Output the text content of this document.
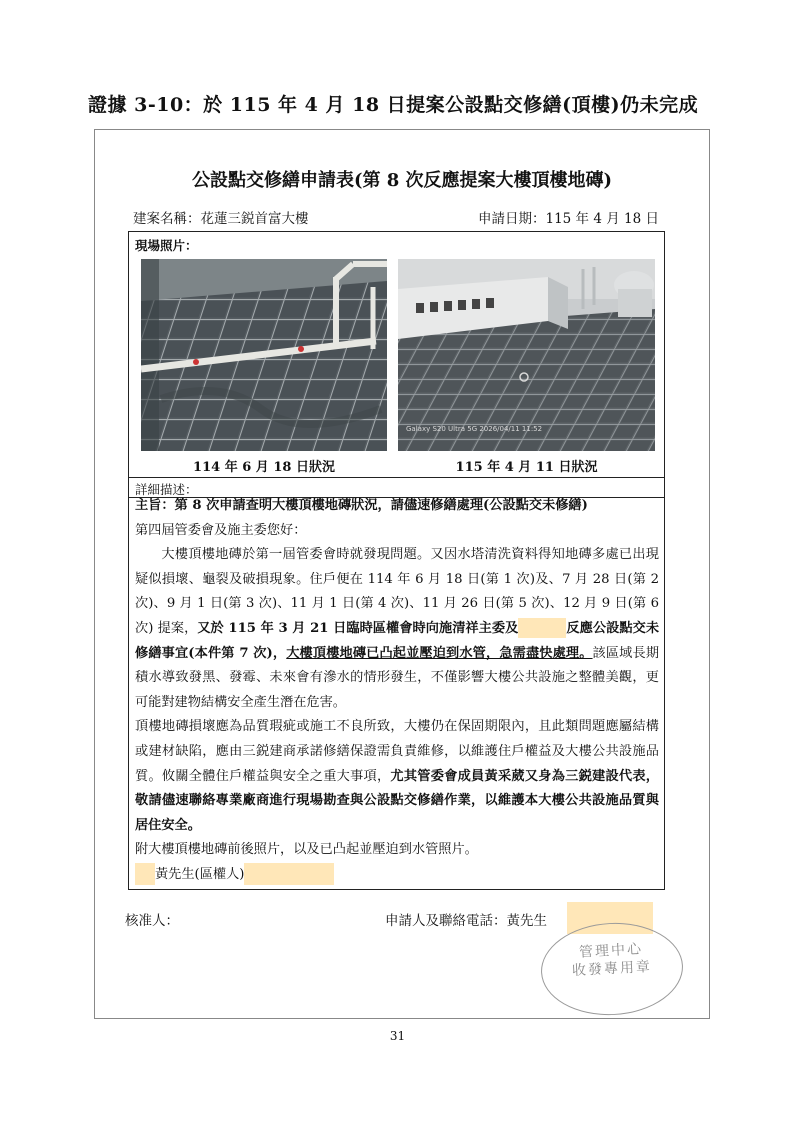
證據 3-10：於 115 年 4 月 18 日提案公設點交修繕(頂樓)仍未完成
公設點交修繕申請表(第 8 次反應提案大樓頂樓地磚)
建案名稱：花蓮三鋭首富大樓	申請日期：115 年 4 月 18 日
現場照片：
Galaxy S20 Ultra 5G 2026/04/11 11:52
114 年 6 月 18 日狀況	115 年 4 月 11 日狀況
詳細描述：

主旨：第 8 次申請查明大樓頂樓地磚狀況，請儘速修繕處理(公設點交未修繕)

第四屆管委會及施主委您好：

大樓頂樓地磚於第一屆管委會時就發現問題。又因水塔清洗資料得知地磚多處已出現疑似損壞、龜裂及破損現象。住戶便在 114 年 6 月 18 日(第 1 次)及、7 月 28 日(第 2 次)、9 月 1 日(第 3 次)、11 月 1 日(第 4 次)、11 月 26 日(第 5 次)、12 月 9 日(第 6 次) 提案，又於 115 年 3 月 21 日臨時區權會時向施清祥主委及	反應公設點交未修繕事宜(本件第 7 次)，大樓頂樓地磚已凸起並壓迫到水管，急需盡快處理。該區域長期積水導致發黑、發霉、未來會有滲水的情形發生，不僅影響大樓公共設施之整體美觀，更可能對建物結構安全產生潛在危害。

頂樓地磚損壞應為品質瑕疵或施工不良所致，大樓仍在保固期限內，且此類問題應屬結構或建材缺陷，應由三鋭建商承諾修繕保證需負責維修，以維護住戶權益及大樓公共設施品質。攸關全體住戶權益與安全之重大事項，尤其管委會成員黃采葳又身為三鋭建設代表，敬請儘速聯絡專業廠商進行現場勘查與公設點交修繕作業，以維護本大樓公共設施品質與居住安全。

附大樓頂樓地磚前後照片，以及已凸起並壓迫到水管照片。

黃先生(區權人)

核准人：	申請人及聯絡電話：黃先生
管理中心
收發專用章
31
